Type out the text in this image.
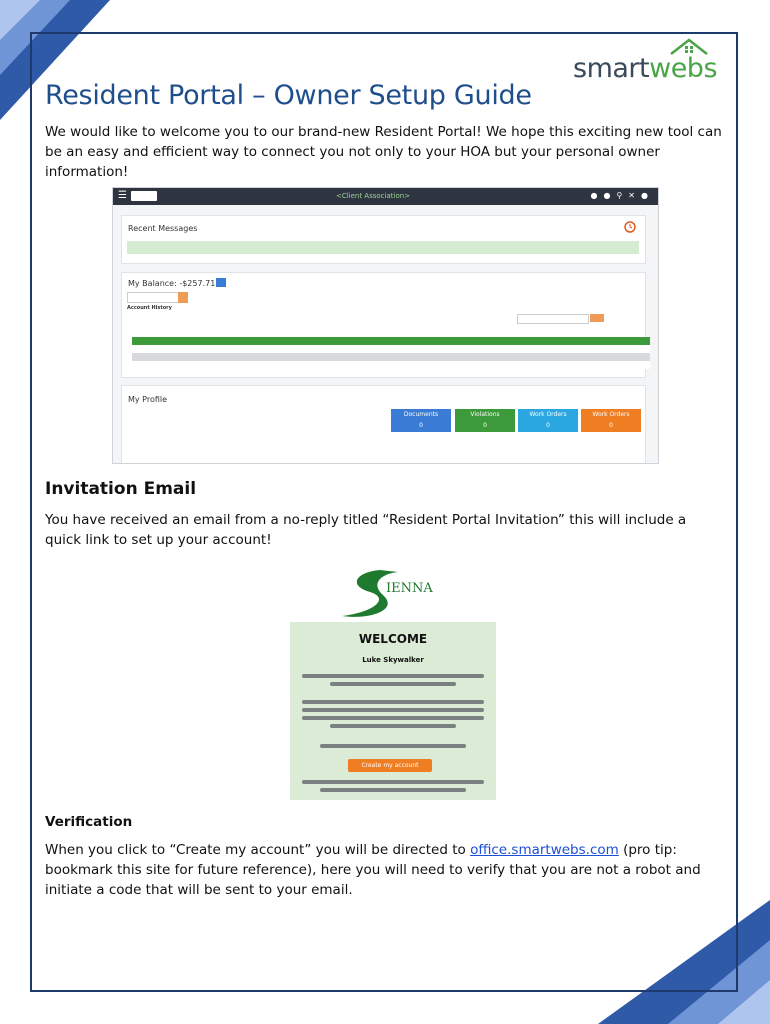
smartwebs
Resident Portal – Owner Setup Guide
We would like to welcome you to our brand-new Resident Portal! We hope this exciting new tool can be an easy and efficient way to connect you not only to your HOA but your personal owner information!
☰	<Client Association>	●●⚲✕●
Recent Messages
My Balance: -$257.71
Account History
My Profile
Documents
0
Violations
0
Work Orders
0
Work Orders
0
Invitation Email
You have received an email from a no-reply titled “Resident Portal Invitation” this will include a quick link to set up your account!
IENNA
WELCOME
Luke Skywalker
Create my account
Verification
When you click to “Create my account” you will be directed to office.smartwebs.com (pro tip: bookmark this site for future reference), here you will need to verify that you are not a robot and initiate a code that will be sent to your email.
